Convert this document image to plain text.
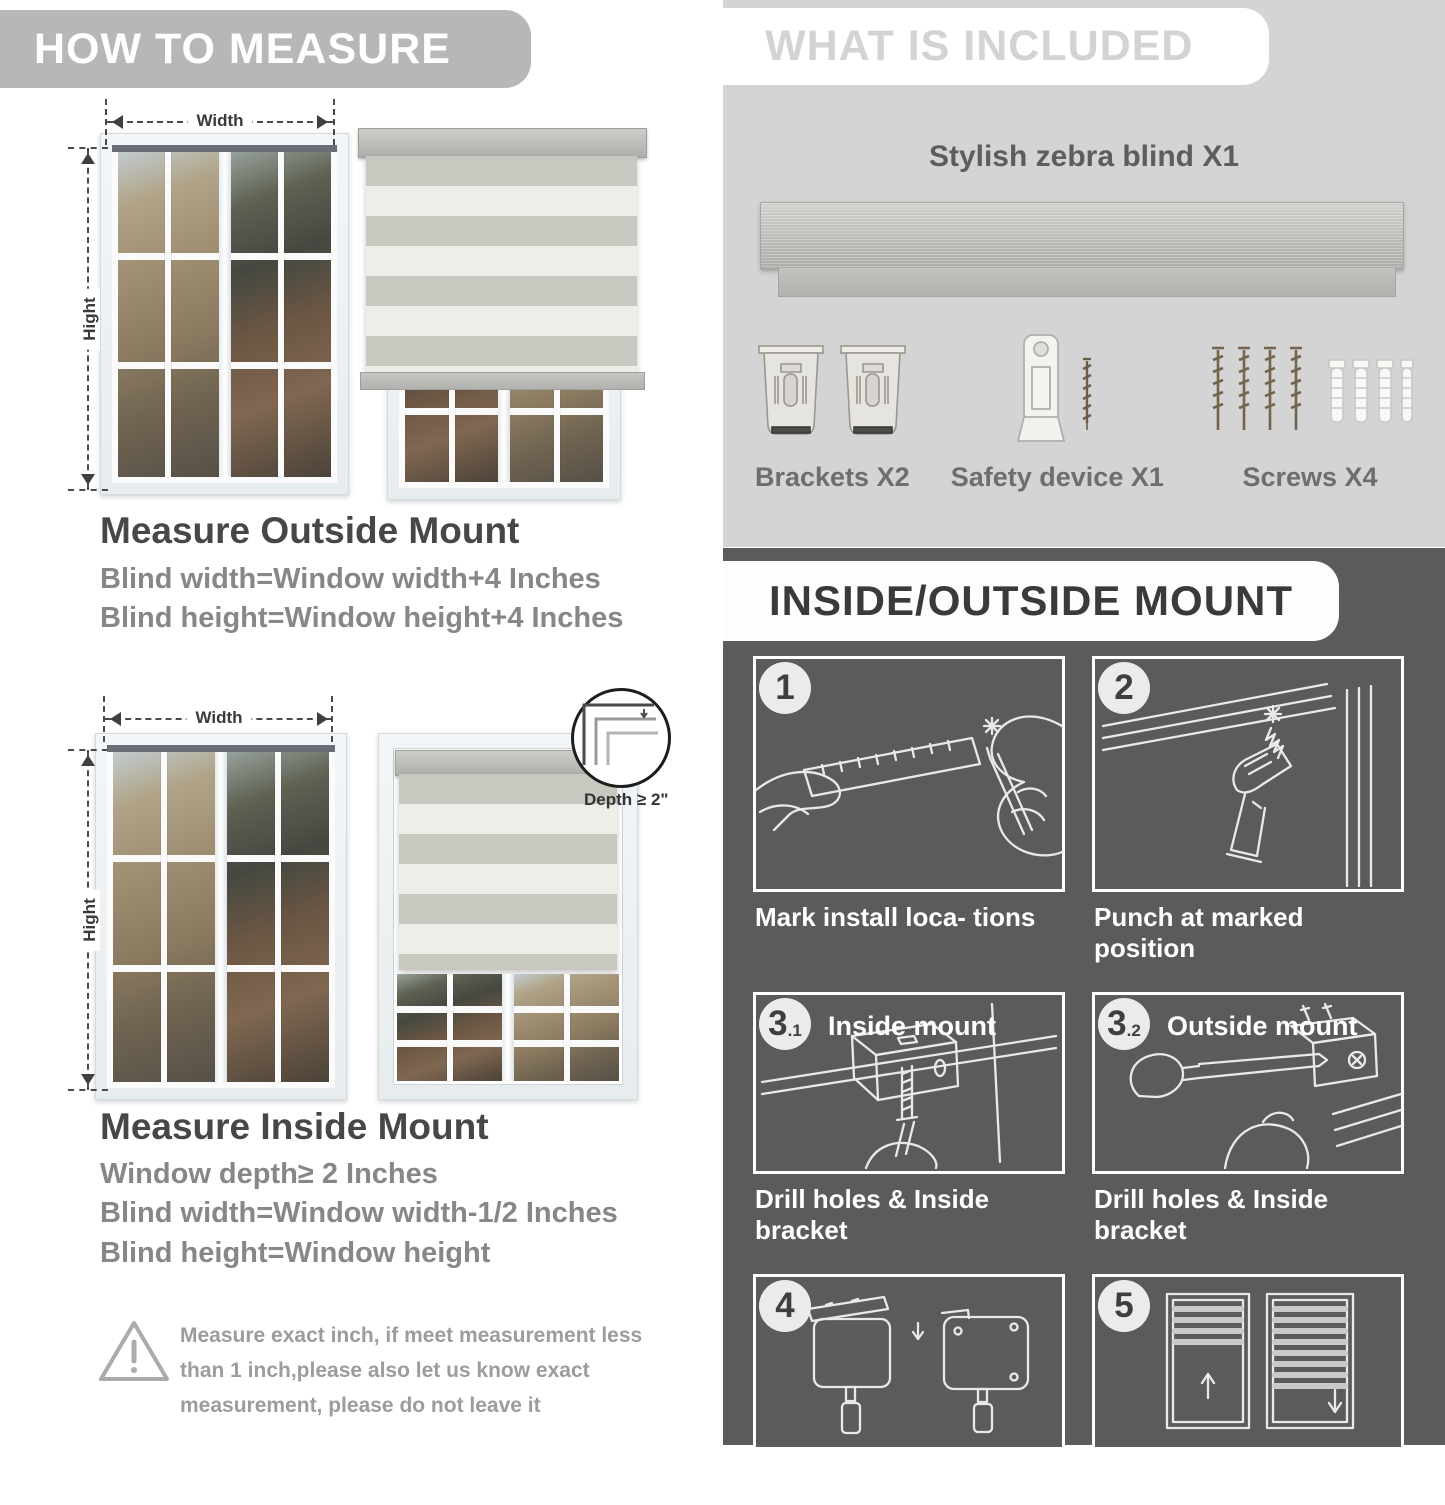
HOW TO MEASURE
Width
Hight
Measure Outside Mount
Blind width=Window width+4 Inches
Blind height=Window height+4 Inches
Width
Hight
Depth ≥ 2"
Measure Inside Mount
Window depth≥ 2 Inches
Blind width=Window width-1/2 Inches
Blind height=Window height
Measure exact inch, if meet measurement less
than 1 inch,please also let us know exact
measurement, please do not leave it
WHAT IS INCLUDED
Stylish zebra blind X1
Brackets X2 Safety device X1	Screws X4
INSIDE/OUTSIDE MOUNT
1
Mark install loca- tions
2
Punch at marked position
3 .1 Inside mount
Drill holes & Inside bracket
3 .2 Outside mount
Drill holes & Inside bracket
4
Install the blind
5
Finish
